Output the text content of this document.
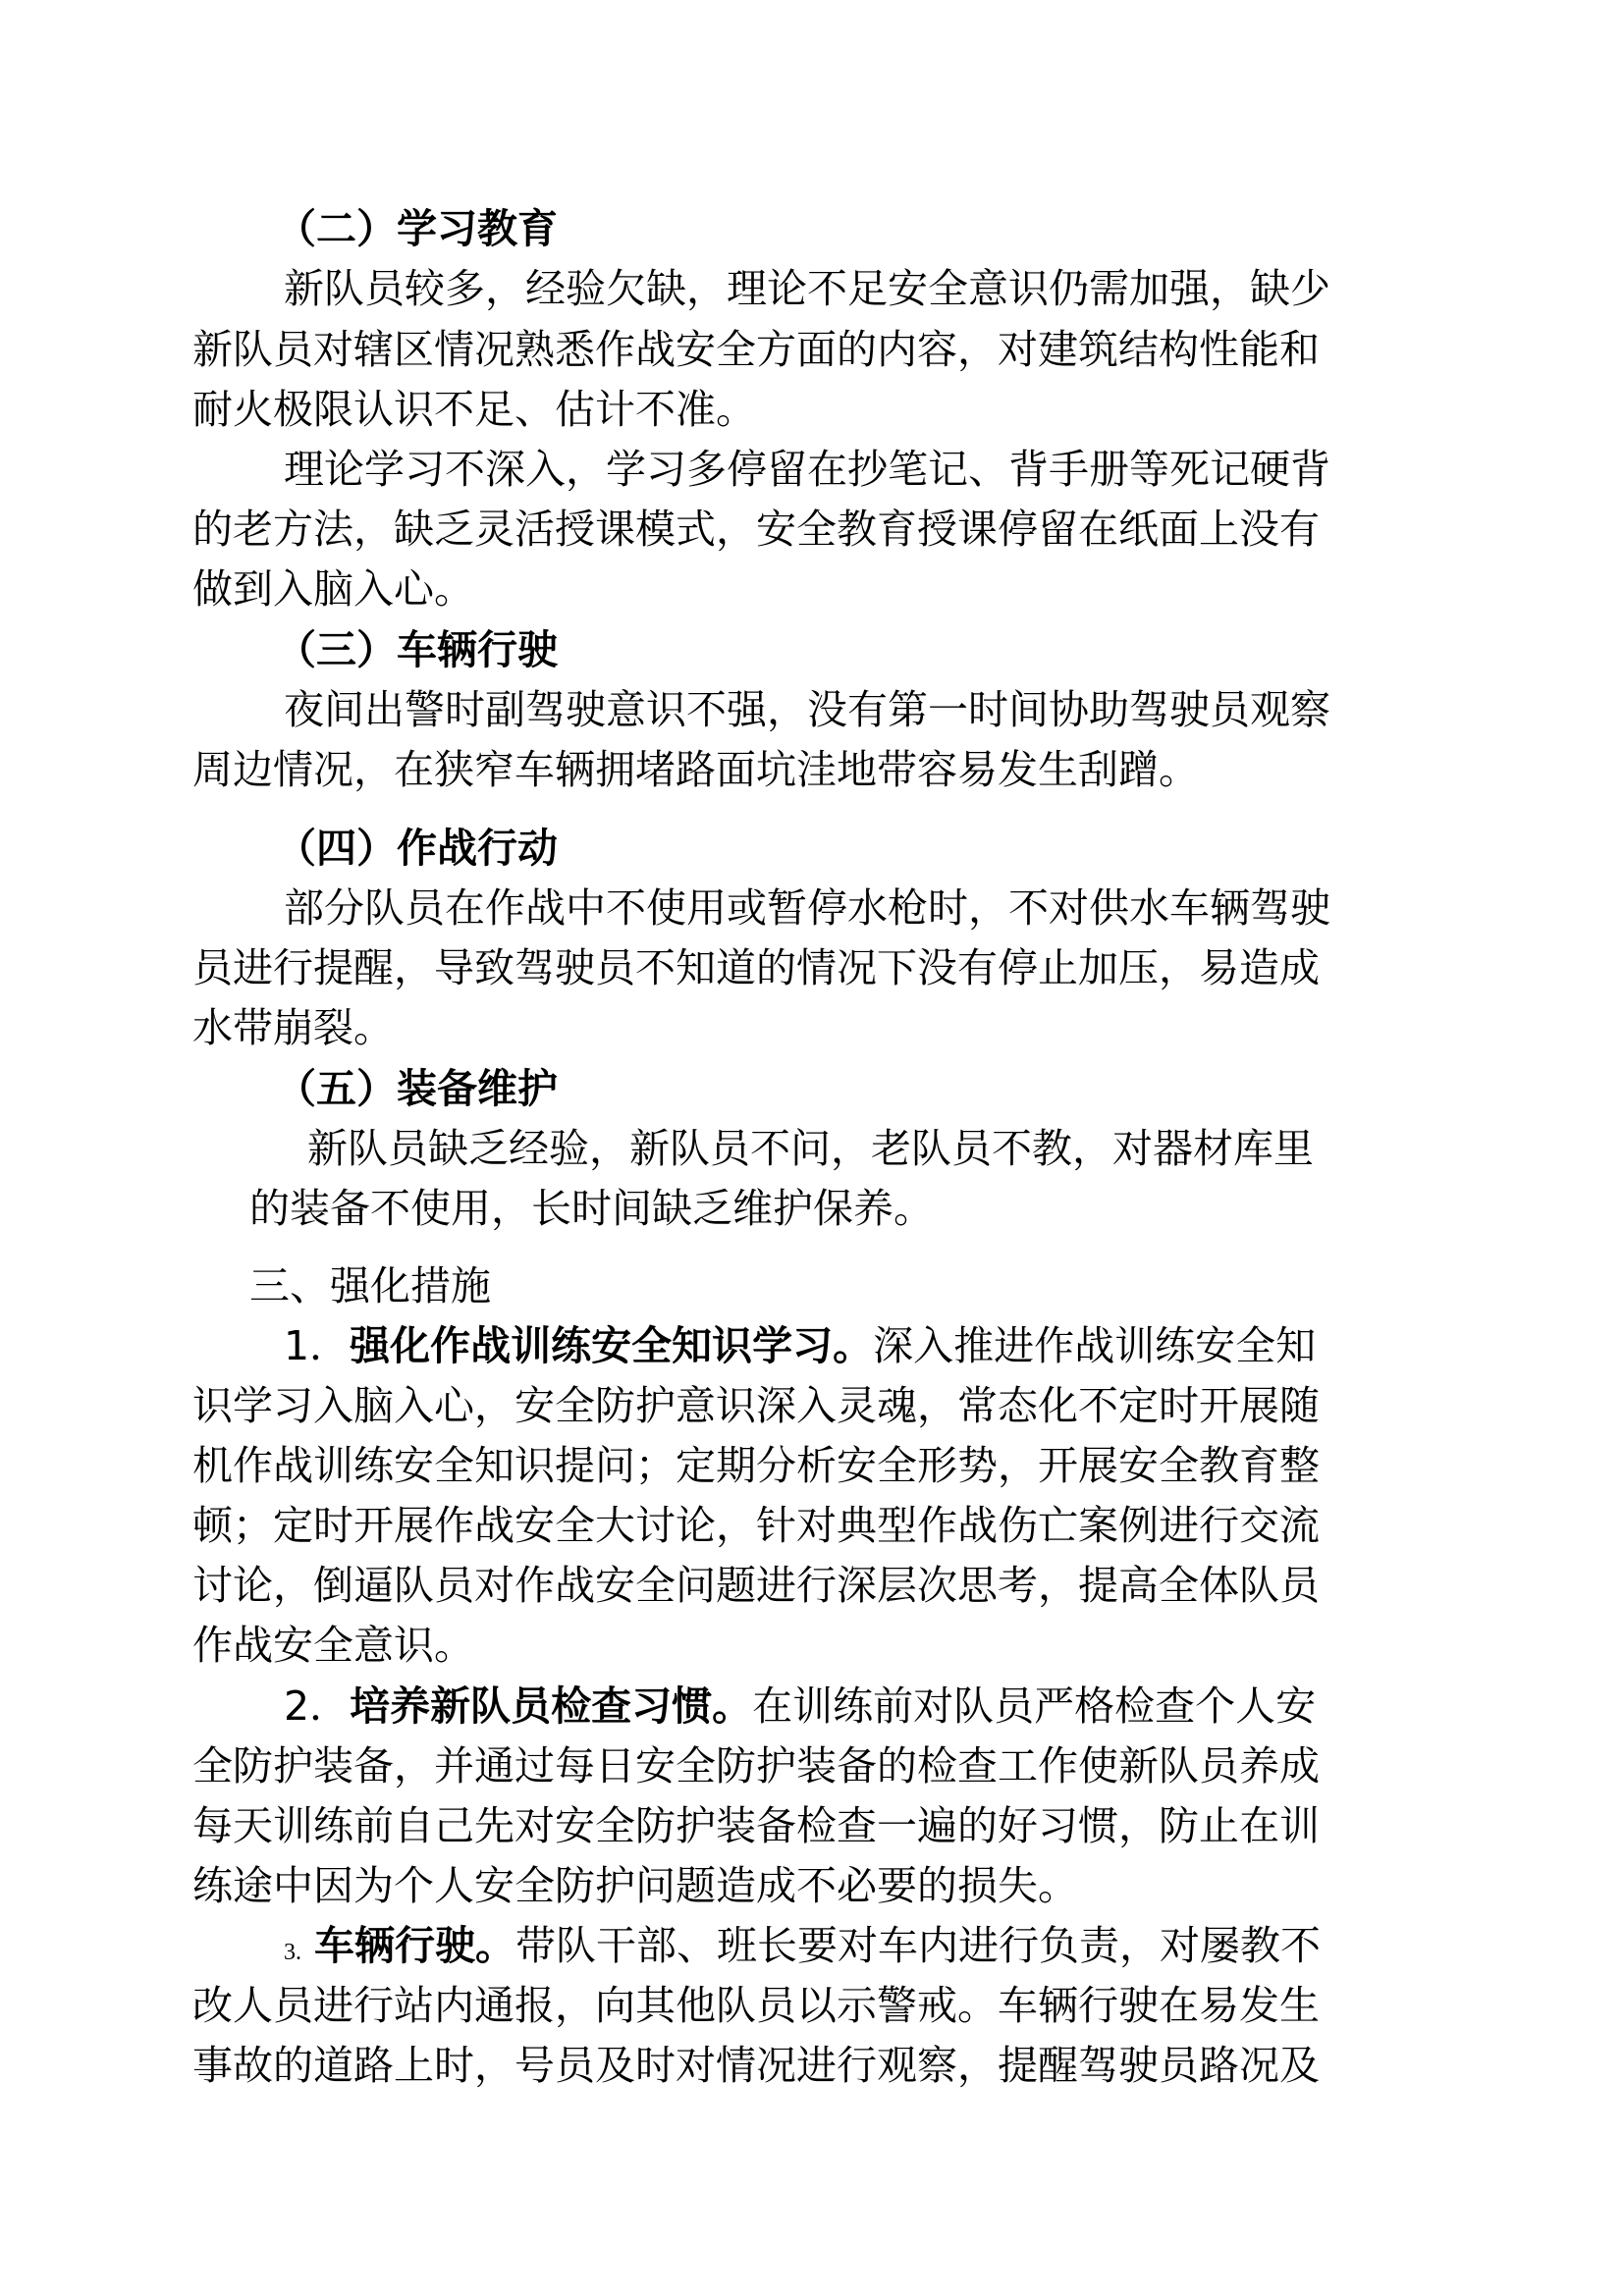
（二）学习教育
新队员较多，经验欠缺，理论不足安全意识仍需加强，缺少
新队员对辖区情况熟悉作战安全方面的内容，对建筑结构性能和
耐火极限认识不足、估计不准。
理论学习不深入，学习多停留在抄笔记、背手册等死记硬背
的老方法，缺乏灵活授课模式，安全教育授课停留在纸面上没有
做到入脑入心。
（三）车辆行驶
夜间出警时副驾驶意识不强，没有第一时间协助驾驶员观察
周边情况，在狭窄车辆拥堵路面坑洼地带容易发生刮蹭。
（四）作战行动
部分队员在作战中不使用或暂停水枪时，不对供水车辆驾驶
员进行提醒，导致驾驶员不知道的情况下没有停止加压，易造成
水带崩裂。
（五）装备维护
新队员缺乏经验，新队员不问，老队员不教，对器材库里
的装备不使用，长时间缺乏维护保养。
三、强化措施
1．强化作战训练安全知识学习。深入推进作战训练安全知
识学习入脑入心，安全防护意识深入灵魂，常态化不定时开展随
机作战训练安全知识提问；定期分析安全形势，开展安全教育整
顿；定时开展作战安全大讨论，针对典型作战伤亡案例进行交流
讨论，倒逼队员对作战安全问题进行深层次思考，提高全体队员
作战安全意识。
2．培养新队员检查习惯。在训练前对队员严格检查个人安
全防护装备，并通过每日安全防护装备的检查工作使新队员养成
每天训练前自己先对安全防护装备检查一遍的好习惯，防止在训
练途中因为个人安全防护问题造成不必要的损失。
3. 车辆行驶。带队干部、班长要对车内进行负责，对屡教不
改人员进行站内通报，向其他队员以示警戒。车辆行驶在易发生
事故的道路上时，号员及时对情况进行观察，提醒驾驶员路况及
